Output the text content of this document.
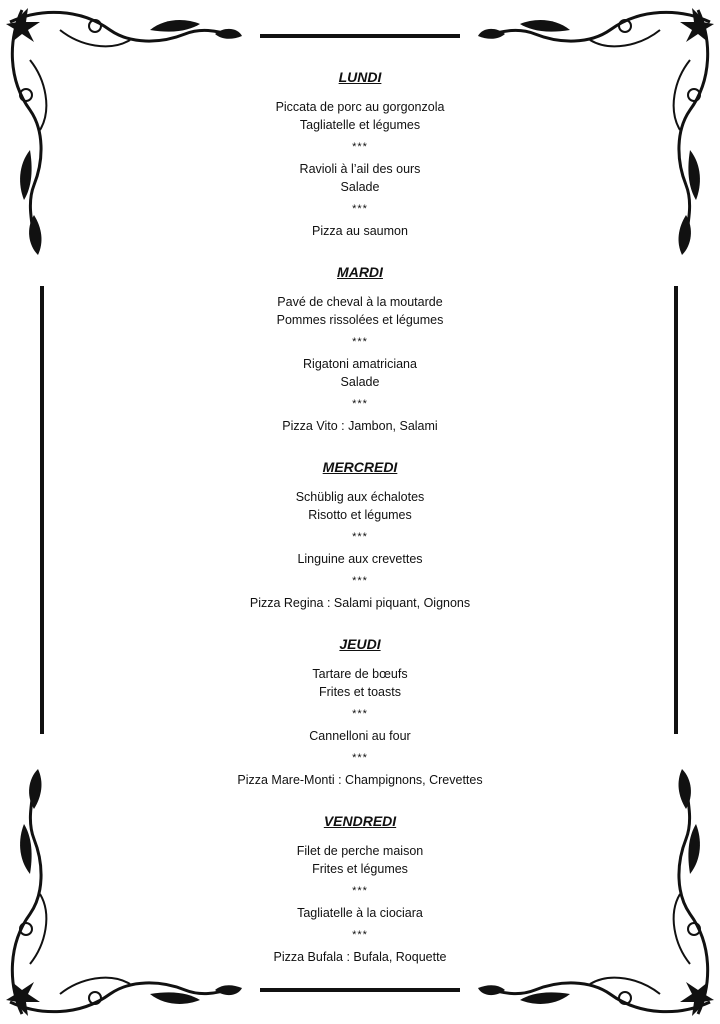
LUNDI
Piccata de porc au gorgonzola
Tagliatelle et légumes
***
Ravioli à l’ail des ours
Salade
***
Pizza au saumon
MARDI
Pavé de cheval à la moutarde
Pommes rissolées et légumes
***
Rigatoni amatriciana
Salade
***
Pizza Vito : Jambon, Salami
MERCREDI
Schüblig aux échalotes
Risotto et légumes
***
Linguine aux crevettes
***
Pizza Regina : Salami piquant, Oignons
JEUDI
Tartare de bœufs
Frites et toasts
***
Cannelloni au four
***
Pizza Mare-Monti : Champignons, Crevettes
VENDREDI
Filet de perche maison
Frites et légumes
***
Tagliatelle à la ciociara
***
Pizza Bufala : Bufala, Roquette
